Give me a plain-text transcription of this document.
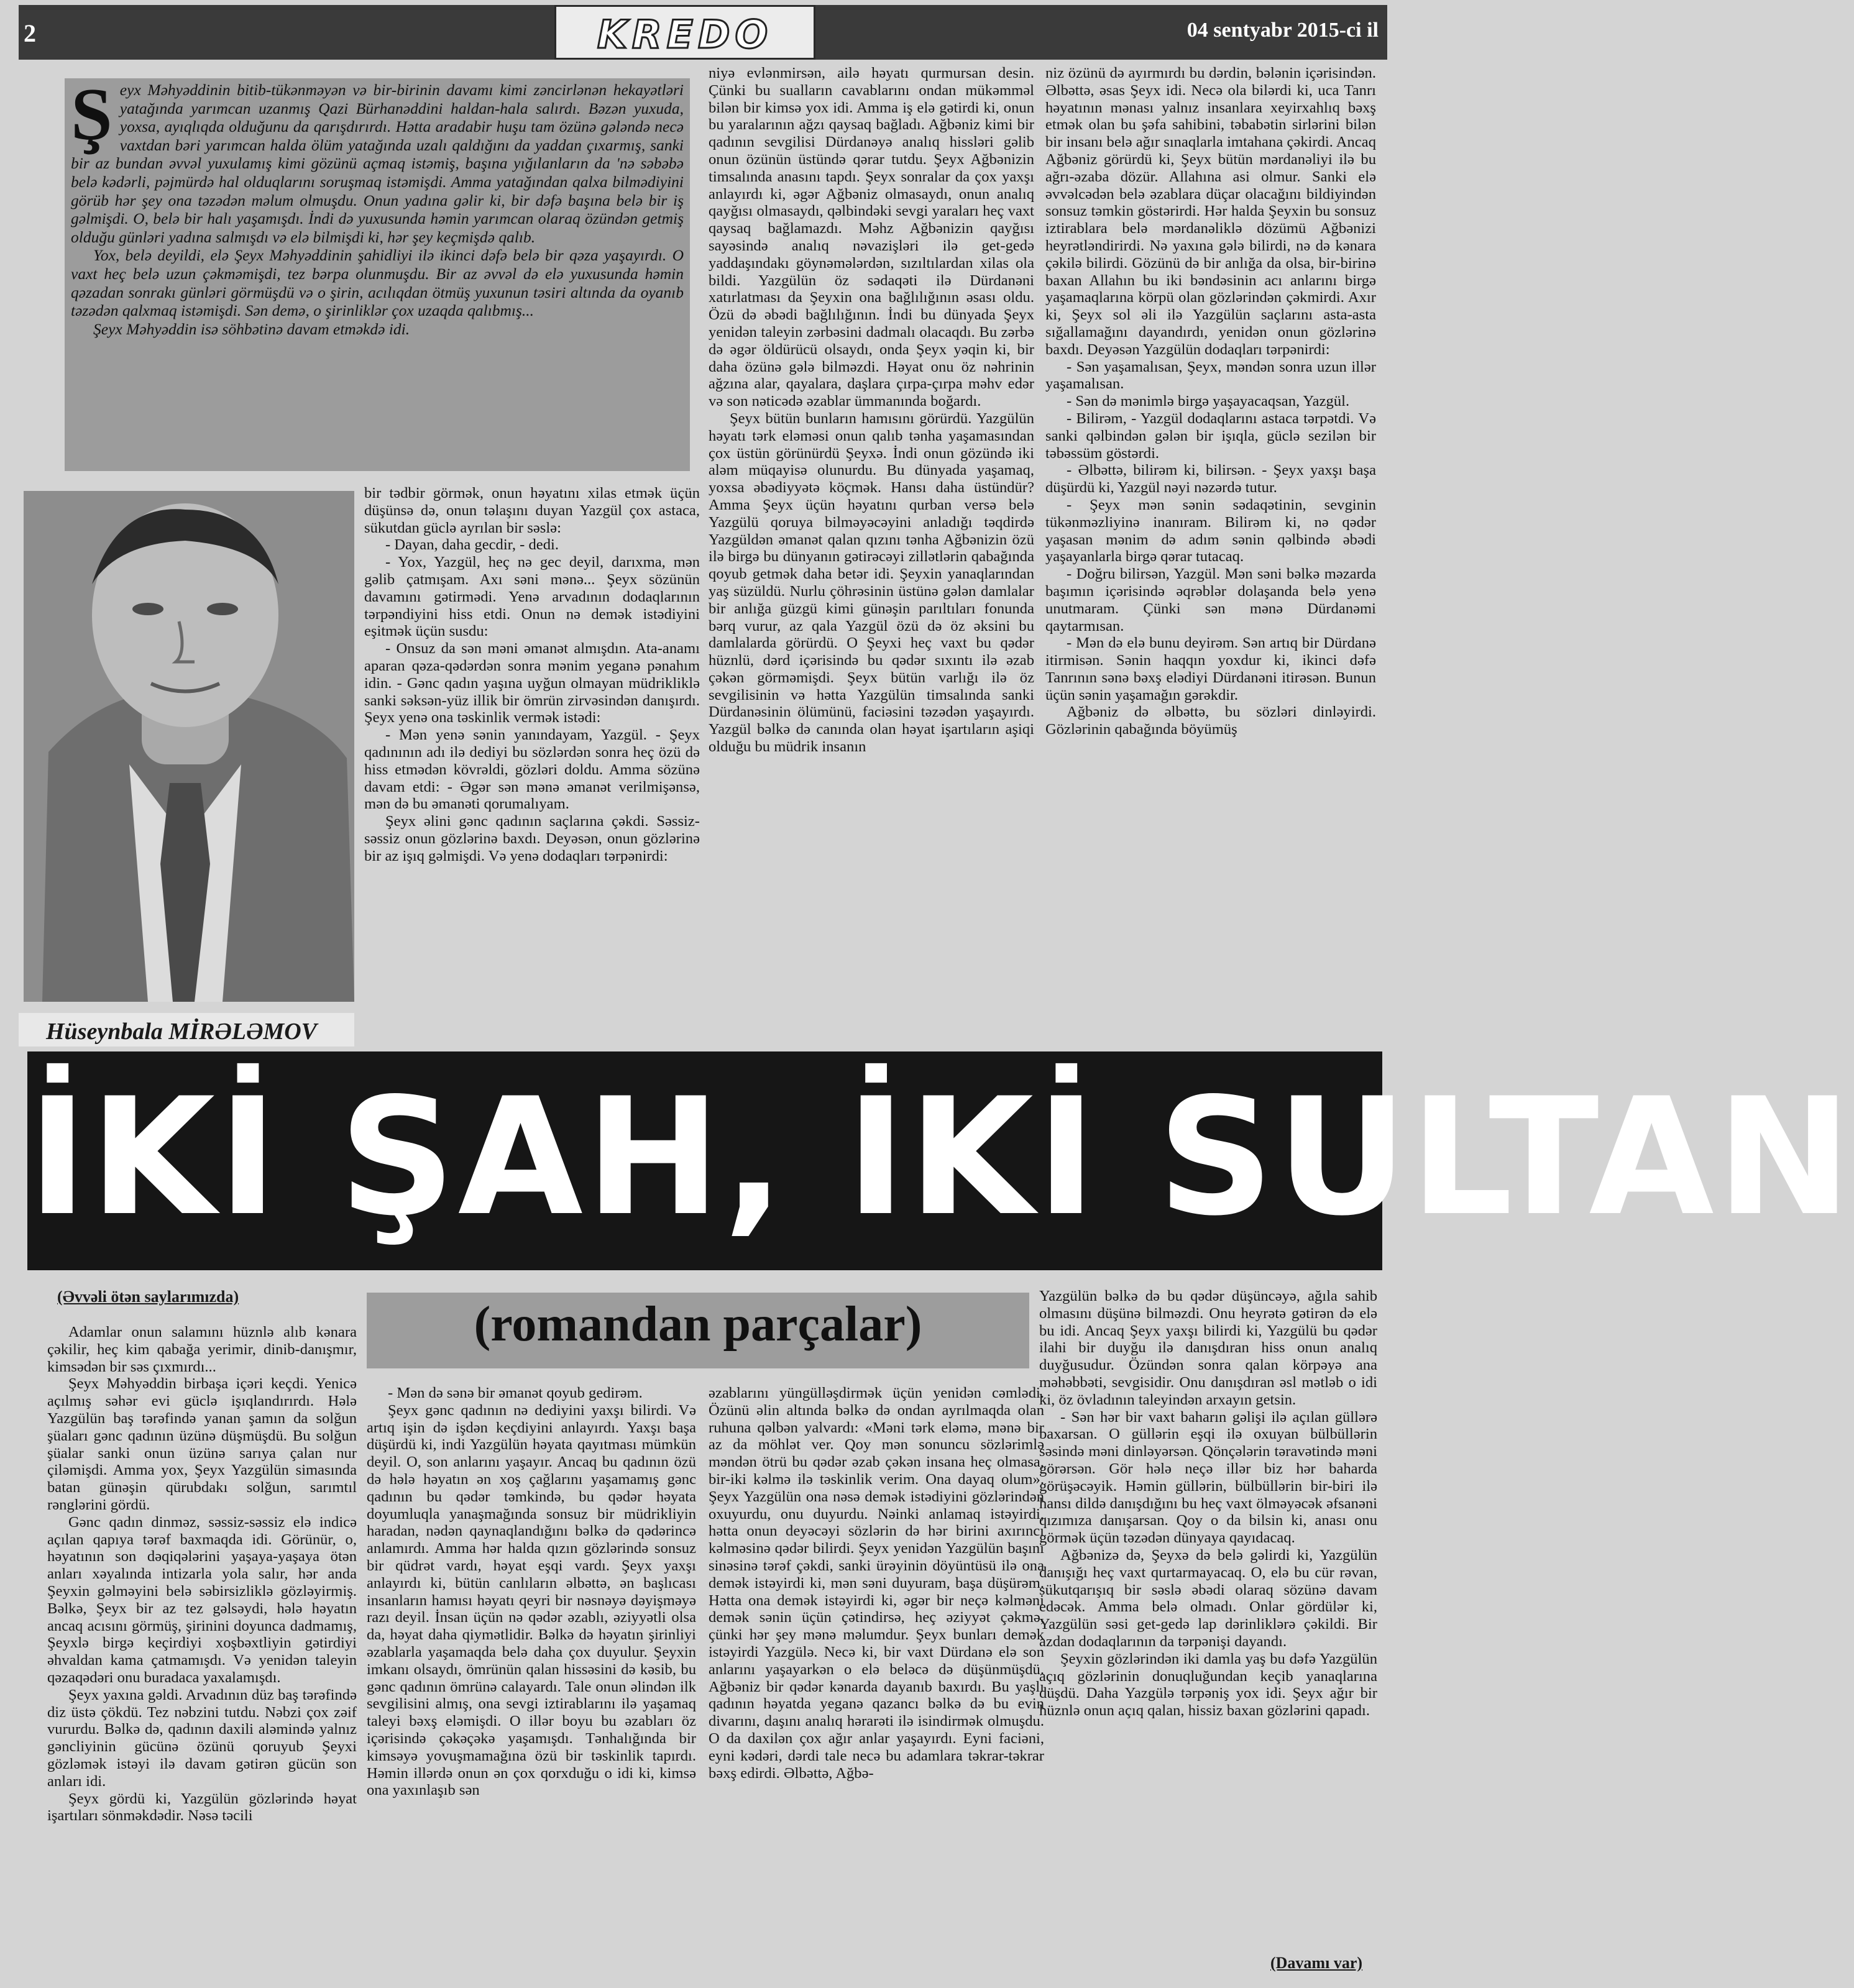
2	KREDO	04 sentyabr 2015-ci il
Ş eyx Məhyəddinin bitib-tükənməyən və bir-birinin davamı kimi zəncirlənən hekayətləri yatağında yarımcan uzanmış Qazi Bürhanəddini haldan-hala salırdı. Bəzən yuxuda, yoxsa, ayıqlıqda olduğunu da qarışdırırdı. Hətta aradabir huşu tam özünə gələndə necə vaxtdan bəri yarımcan halda ölüm yatağında uzalı qaldığını da yaddan çıxarmış, sanki bir az bundan əvvəl yuxulamış kimi gözünü açmaq istəmiş, başına yığılanların da 'nə səbəbə belə kədərli, pəjmürdə hal olduqlarını soruşmaq istəmişdi. Amma yatağından qalxa bilmədiyini görüb hər şey ona təzədən məlum olmuşdu. Onun yadına gəlir ki, bir dəfə başına belə bir iş gəlmişdi. O, belə bir halı yaşamışdı. İndi də yuxusunda həmin yarımcan olaraq özündən getmiş olduğu günləri yadına salmışdı və elə bilmişdi ki, hər şey keçmişdə qalıb.

Yox, belə deyildi, elə Şeyx Məhyəddinin şahidliyi ilə ikinci dəfə belə bir qəza yaşayırdı. O vaxt heç belə uzun çəkməmişdi, tez bərpa olunmuşdu. Bir az əvvəl də elə yuxusunda həmin qəzadan sonrakı günləri görmüşdü və o şirin, acılıqdan ötmüş yuxunun təsiri altında da oyanıb təzədən qalxmaq istəmişdi. Sən demə, o şirinliklər çox uzaqda qalıbmış...

Şeyx Məhyəddin isə söhbətinə davam etməkdə idi.

Hüseynbala MİRƏLƏMOV

bir tədbir görmək, onun həyatını xilas etmək üçün düşünsə də, onun təlaşını duyan Yazgül çox astaca, sükutdan güclə ayrılan bir səslə:

- Dayan, daha gecdir, - dedi.

- Yox, Yazgül, heç nə gec deyil, darıxma, mən gəlib çatmışam. Axı səni mənə... Şeyx sözünün davamını gətirmədi. Yenə arvadının dodaqlarının tərpəndiyini hiss etdi. Onun nə demək istədiyini eşitmək üçün susdu:

- Onsuz da sən məni əmanət almışdın. Ata-anamı aparan qəza-qədərdən sonra mənim yeganə pənahım idin. - Gənc qadın yaşına uyğun olmayan müdrikliklə sanki səksən-yüz illik bir ömrün zirvəsindən danışırdı. Şeyx yenə ona təskinlik vermək istədi:

- Mən yenə sənin yanındayam, Yazgül. - Şeyx qadınının adı ilə dediyi bu sözlərdən sonra heç özü də hiss etmədən kövrəldi, gözləri doldu. Amma sözünə davam etdi: - Əgər sən mənə əmanət verilmişənsə, mən də bu əmanəti qorumalıyam.

Şeyx əlini gənc qadının saçlarına çəkdi. Səssiz-səssiz onun gözlərinə baxdı. Deyəsən, onun gözlərinə bir az işıq gəlmişdi. Və yenə dodaqları tərpənirdi:

niyə evlənmirsən, ailə həyatı qurmursan desin. Çünki bu sualların cavablarını ondan mükəmməl bilən bir kimsə yox idi. Amma iş elə gətirdi ki, onun bu yaralarının ağzı qaysaq bağladı. Ağbəniz kimi bir qadının sevgilisi Dürdanəyə analıq hissləri gəlib onun özünün üstündə qərar tutdu. Şeyx Ağbənizin timsalında anasını tapdı. Şeyx sonralar da çox yaxşı anlayırdı ki, əgər Ağbəniz olmasaydı, onun analıq qayğısı olmasaydı, qəlbindəki sevgi yaraları heç vaxt qaysaq bağlamazdı. Məhz Ağbənizin qayğısı sayəsində analıq nəvazişləri ilə get-gedə yaddaşındakı göynəmələrdən, sızıltılardan xilas ola bildi. Yazgülün öz sədaqəti ilə Dürdanəni xatırlatması da Şeyxin ona bağlılığının əsası oldu. Özü də əbədi bağlılığının. İndi bu dünyada Şeyx yenidən taleyin zərbəsini dadmalı olacaqdı. Bu zərbə də əgər öldürücü olsaydı, onda Şeyx yəqin ki, bir daha özünə gələ bilməzdi. Həyat onu öz nəhrinin ağzına alar, qayalara, daşlara çırpa-çırpa məhv edər və son nəticədə əzablar ümmanında boğardı.

Şeyx bütün bunların hamısını görürdü. Yazgülün həyatı tərk eləməsi onun qalıb tənha yaşamasından çox üstün görünürdü Şeyxə. İndi onun gözündə iki aləm müqayisə olunurdu. Bu dünyada yaşamaq, yoxsa əbədiyyətə köçmək. Hansı daha üstündür? Amma Şeyx üçün həyatını qurban versə belə Yazgülü qoruya bilməyəcəyini anladığı təqdirdə Yazgüldən əmanət qalan qızını tənha Ağbənizin özü ilə birgə bu dünyanın gətirəcəyi zillətlərin qabağında qoyub getmək daha betər idi. Şeyxin yanaqlarından yaş süzüldü. Nurlu çöhrəsinin üstünə gələn damlalar bir anlığa güzgü kimi günəşin parıltıları fonunda bərq vurur, az qala Yazgül özü də öz əksini bu damlalarda görürdü. O Şeyxi heç vaxt bu qədər hüznlü, dərd içərisində bu qədər sıxıntı ilə əzab çəkən görməmişdi. Şeyx bütün varlığı ilə öz sevgilisinin və hətta Yazgülün timsalında sanki Dürdanəsinin ölümünü, faciəsini təzədən yaşayırdı. Yazgül bəlkə də canında olan həyat işartıların aşiqi olduğu bu müdrik insanın

niz özünü də ayırmırdı bu dərdin, bələnin içərisindən. Əlbəttə, əsas Şeyx idi. Necə ola bilərdi ki, uca Tanrı həyatının mənası yalnız insanlara xeyirxahlıq bəxş etmək olan bu şəfa sahibini, təbabətin sirlərini bilən bir insanı belə ağır sınaqlarla imtahana çəkirdi. Ancaq Ağbəniz görürdü ki, Şeyx bütün mərdanəliyi ilə bu ağrı-əzaba dözür. Allahına asi olmur. Sanki elə əvvəlcədən belə əzablara düçar olacağını bildiyindən sonsuz təmkin göstərirdi. Hər halda Şeyxin bu sonsuz iztirablara belə mərdanəliklə dözümü Ağbənizi heyrətləndirirdi. Nə yaxına gələ bilirdi, nə də kənara çəkilə bilirdi. Gözünü də bir anlığa da olsa, bir-birinə baxan Allahın bu iki bəndəsinin acı anlarını birgə yaşamaqlarına körpü olan gözlərindən çəkmirdi. Axır ki, Şeyx sol əli ilə Yazgülün saçlarını asta-asta sığallamağını dayandırdı, yenidən onun gözlərinə baxdı. Deyəsən Yazgülün dodaqları tərpənirdi:

- Sən yaşamalısan, Şeyx, məndən sonra uzun illər yaşamalısan.

- Sən də mənimlə birgə yaşayacaqsan, Yazgül.

- Bilirəm, - Yazgül dodaqlarını astaca tərpətdi. Və sanki qəlbindən gələn bir işıqla, güclə sezilən bir təbəssüm göstərdi.

- Əlbəttə, bilirəm ki, bilirsən. - Şeyx yaxşı başa düşürdü ki, Yazgül nəyi nəzərdə tutur.

- Şeyx mən sənin sədaqətinin, sevginin tükənməzliyinə inanıram. Bilirəm ki, nə qədər yaşasan mənim də adım sənin qəlbində əbədi yaşayanlarla birgə qərar tutacaq.

- Doğru bilirsən, Yazgül. Mən səni bəlkə məzarda başımın içərisində əqrəblər dolaşanda belə yenə unutmaram. Çünki sən mənə Dürdanəmi qaytarmısan.

- Mən də elə bunu deyirəm. Sən artıq bir Dürdanə itirmisən. Sənin haqqın yoxdur ki, ikinci dəfə Tanrının sənə bəxş elədiyi Dürdanəni itirəsən. Bunun üçün sənin yaşamağın gərəkdir.

Ağbəniz də əlbəttə, bu sözləri dinləyirdi. Gözlərinin qabağında böyümüş

İKİ ŞAH, İKİ SULTAN
(Əvvəli ötən saylarımızda)
(romandan parçalar)

Adamlar onun salamını hüznlə alıb kənara çəkilir, heç kim qabağa yerimir, dinib-danışmır, kimsədən bir səs çıxmırdı...

Şeyx Məhyəddin birbaşa içəri keçdi. Yenicə açılmış səhər evi güclə işıqlandırırdı. Hələ Yazgülün baş tərəfində yanan şamın da solğun şüaları gənc qadının üzünə düşmüşdü. Bu solğun şüalar sanki onun üzünə sarıya çalan nur çiləmişdi. Amma yox, Şeyx Yazgülün simasında batan günəşin qürubdakı solğun, sarımtıl rənglərini gördü.

Gənc qadın dinməz, səssiz-səssiz elə indicə açılan qapıya tərəf baxmaqda idi. Görünür, o, həyatının son dəqiqələrini yaşaya-yaşaya ötən anları xəyalında intizarla yola salır, hər anda Şeyxin gəlməyini belə səbirsizliklə gözləyirmiş. Bəlkə, Şeyx bir az tez gəlsəydi, hələ həyatın ancaq acısını görmüş, şirinini doyunca dadmamış, Şeyxlə birgə keçirdiyi xoşbəxtliyin gətirdiyi əhvaldan kama çatmamışdı. Və yenidən taleyin qəzaqədəri onu buradaca yaxalamışdı.

Şeyx yaxına gəldi. Arvadının düz baş tərəfində diz üstə çökdü. Tez nəbzini tutdu. Nəbzi çox zəif vururdu. Bəlkə də, qadının daxili aləmində yalnız gəncliyinin gücünə özünü qoruyub Şeyxi gözləmək istəyi ilə davam gətirən gücün son anları idi.

Şeyx gördü ki, Yazgülün gözlərində həyat işartıları sönməkdədir. Nəsə təcili

- Mən də sənə bir əmanət qoyub gedirəm.

Şeyx gənc qadının nə dediyini yaxşı bilirdi. Və artıq işin də işdən keçdiyini anlayırdı. Yaxşı başa düşürdü ki, indi Yazgülün həyata qayıtması mümkün deyil. O, son anlarını yaşayır. Ancaq bu qadının özü də hələ həyatın ən xoş çağlarını yaşamamış gənc qadının bu qədər təmkində, bu qədər həyata doyumluqla yanaşmağında sonsuz bir müdrikliyin haradan, nədən qaynaqlandığını bəlkə də qədərincə anlamırdı. Amma hər halda qızın gözlərində sonsuz bir qüdrət vardı, həyat eşqi vardı. Şeyx yaxşı anlayırdı ki, bütün canlıların əlbəttə, ən başlıcası insanların hamısı həyatı qeyri bir nəsnəyə dəyişməyə razı deyil. İnsan üçün nə qədər əzablı, əziyyətli olsa da, həyat daha qiymətlidir. Bəlkə də həyatın şirinliyi əzablarla yaşamaqda belə daha çox duyulur. Şeyxin imkanı olsaydı, ömrünün qalan hissəsini də kəsib, bu gənc qadının ömrünə calayardı. Tale onun əlindən ilk sevgilisini almış, ona sevgi iztirablarını ilə yaşamaq taleyi bəxş eləmişdi. O illər boyu bu əzabları öz içərisində çəkəçəkə yaşamışdı. Tənhalığında bir kimsəyə yovuşmamağına özü bir təskinlik tapırdı. Həmin illərdə onun ən çox qorxduğu o idi ki, kimsə ona yaxınlaşıb sən

əzablarını yüngülləşdirmək üçün yenidən cəmlədi. Özünü əlin altında bəlkə də ondan ayrılmaqda olan ruhuna qəlbən yalvardı: «Məni tərk eləmə, mənə bir az da möhlət ver. Qoy mən sonuncu sözlərimlə məndən ötrü bu qədər əzab çəkən insana heç olmasa, bir-iki kəlmə ilə təskinlik verim. Ona dayaq olum». Şeyx Yazgülün ona nəsə demək istədiyini gözlərindən oxuyurdu, onu duyurdu. Nəinki anlamaq istəyirdi, hətta onun deyəcəyi sözlərin də hər birini axırıncı kəlməsinə qədər bilirdi. Şeyx yenidən Yazgülün başını sinəsinə tərəf çəkdi, sanki ürəyinin döyüntüsü ilə ona demək istəyirdi ki, mən səni duyuram, başa düşürəm. Hətta ona demək istəyirdi ki, əgər bir neçə kəlməni demək sənin üçün çətindirsə, heç əziyyət çəkmə, çünki hər şey mənə məlumdur. Şeyx bunları demək istəyirdi Yazgülə. Necə ki, bir vaxt Dürdanə elə son anlarını yaşayarkən o elə beləcə də düşünmüşdü. Ağbəniz bir qədər kənarda dayanıb baxırdı. Bu yaşlı qadının həyatda yeganə qazancı bəlkə də bu evin divarını, daşını analıq hərarəti ilə isindirmək olmuşdu. O da daxilən çox ağır anlar yaşayırdı. Eyni faciəni, eyni kədəri, dərdi tale necə bu adamlara təkrar-təkrar bəxş edirdi. Əlbəttə, Ağbə-

Yazgülün bəlkə də bu qədər düşüncəyə, ağıla sahib olmasını düşünə bilməzdi. Onu heyrətə gətirən də elə bu idi. Ancaq Şeyx yaxşı bilirdi ki, Yazgülü bu qədər ilahi bir duyğu ilə danışdıran hiss onun analıq duyğusudur. Özündən sonra qalan körpəyə ana məhəbbəti, sevgisidir. Onu danışdıran əsl mətləb o idi ki, öz övladının taleyindən arxayın getsin.

- Sən hər bir vaxt baharın gəlişi ilə açılan güllərə baxarsan. O güllərin eşqi ilə oxuyan bülbüllərin səsində məni dinləyərsən. Qönçələrin təravətində məni görərsən. Gör hələ neçə illər biz hər baharda görüşəcəyik. Həmin güllərin, bülbüllərin bir-biri ilə hansı dildə danışdığını bu heç vaxt ölməyəcək əfsanəni qızımıza danışarsan. Qoy o da bilsin ki, anası onu görmək üçün təzədən dünyaya qayıdacaq.

Ağbənizə də, Şeyxə də belə gəlirdi ki, Yazgülün danışığı heç vaxt qurtarmayacaq. O, elə bu cür rəvan, sükutqarışıq bir səslə əbədi olaraq sözünə davam edəcək. Amma belə olmadı. Onlar gördülər ki, Yazgülün səsi get-gedə lap dərinliklərə çəkildi. Bir azdan dodaqlarının da tərpənişi dayandı.

Şeyxin gözlərindən iki damla yaş bu dəfə Yazgülün açıq gözlərinin donuqluğundan keçib yanaqlarına düşdü. Daha Yazgülə tərpəniş yox idi. Şeyx ağır bir hüznlə onun açıq qalan, hissiz baxan gözlərini qapadı.

(Davamı var)
